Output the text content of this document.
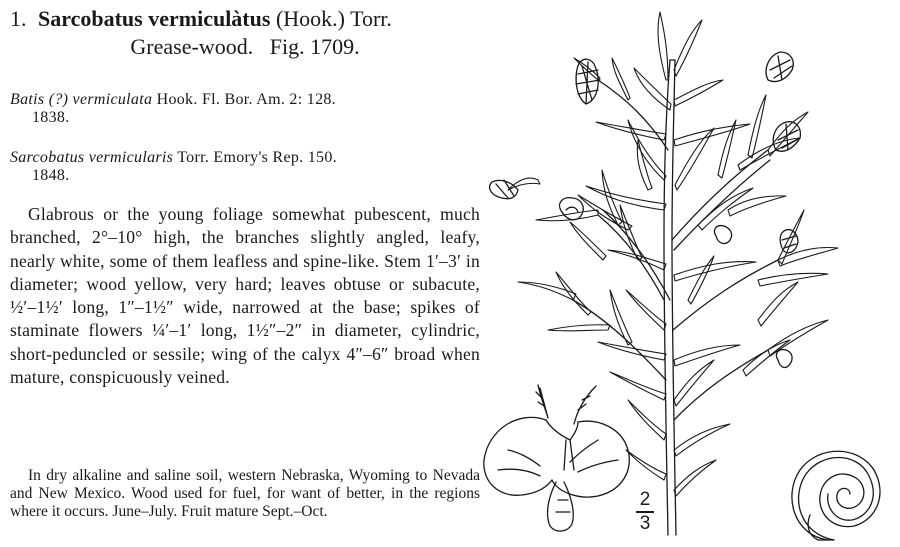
1. Sarcobatus vermiculàtus (Hook.) Torr.
Grease-wood. Fig. 1709.
Batis (?) vermiculata Hook. Fl. Bor. Am. 2: 128.
1838.
Sarcobatus vermicularis Torr. Emory's Rep. 150.
1848.
Glabrous or the young foliage somewhat pubescent, much branched, 2°–10° high, the branches slightly angled, leafy, nearly white, some of them leafless and spine-like. Stem 1′–3′ in diameter; wood yellow, very hard; leaves obtuse or subacute, ½′–1½′ long, 1″–1½″ wide, narrowed at the base; spikes of staminate flowers ¼′–1′ long, 1½″–2″ in diameter, cylindric, short-peduncled or sessile; wing of the calyx 4″–6″ broad when mature, conspicuously veined.
In dry alkaline and saline soil, western Nebraska, Wyoming to Nevada and New Mexico. Wood used for fuel, for want of better, in the regions where it occurs. June–July. Fruit mature Sept.–Oct.
2
3
